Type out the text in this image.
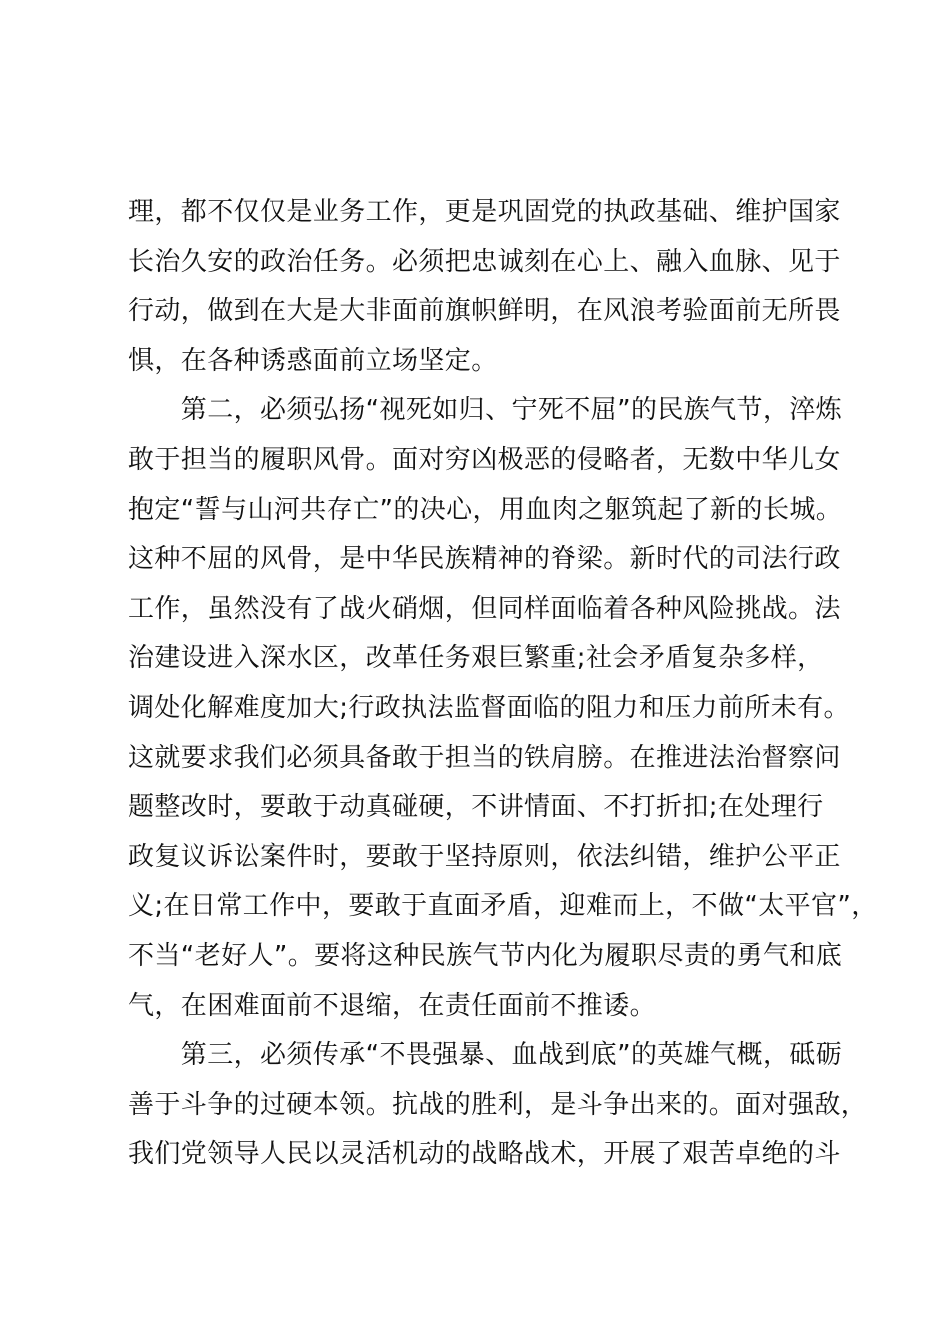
理，都不仅仅是业务工作，更是巩固党的执政基础、维护国家
长治久安的政治任务。必须把忠诚刻在心上、融入血脉、见于
行动，做到在大是大非面前旗帜鲜明，在风浪考验面前无所畏
惧，在各种诱惑面前立场坚定。
　　第二，必须弘扬“视死如归、宁死不屈”的民族气节，淬炼
敢于担当的履职风骨。面对穷凶极恶的侵略者，无数中华儿女
抱定“誓与山河共存亡”的决心，用血肉之躯筑起了新的长城。
这种不屈的风骨，是中华民族精神的脊梁。新时代的司法行政
工作，虽然没有了战火硝烟，但同样面临着各种风险挑战。法
治建设进入深水区，改革任务艰巨繁重;社会矛盾复杂多样，
调处化解难度加大;行政执法监督面临的阻力和压力前所未有。
这就要求我们必须具备敢于担当的铁肩膀。在推进法治督察问
题整改时，要敢于动真碰硬，不讲情面、不打折扣;在处理行
政复议诉讼案件时，要敢于坚持原则，依法纠错，维护公平正
义;在日常工作中，要敢于直面矛盾，迎难而上，不做“太平官”，
不当“老好人”。要将这种民族气节内化为履职尽责的勇气和底
气，在困难面前不退缩，在责任面前不推诿。
　　第三，必须传承“不畏强暴、血战到底”的英雄气概，砥砺
善于斗争的过硬本领。抗战的胜利，是斗争出来的。面对强敌，
我们党领导人民以灵活机动的战略战术，开展了艰苦卓绝的斗
